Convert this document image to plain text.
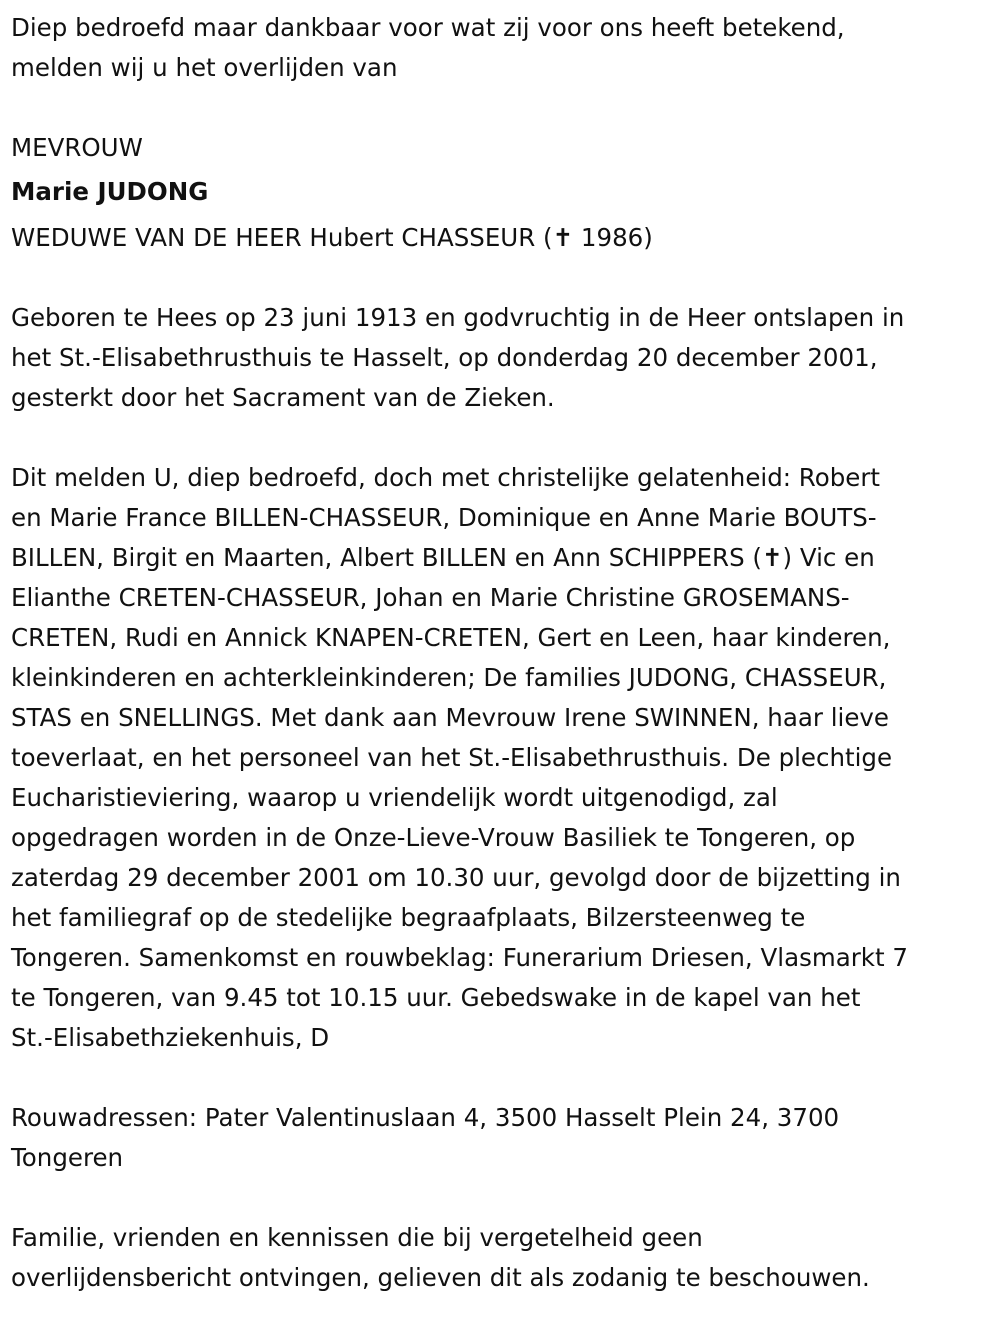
Diep bedroefd maar dankbaar voor wat zij voor ons heeft betekend,
melden wij u het overlijden van
MEVROUW
Marie JUDONG
WEDUWE VAN DE HEER Hubert CHASSEUR (✝ 1986)
Geboren te Hees op 23 juni 1913 en godvruchtig in de Heer ontslapen in
het St.-Elisabethrusthuis te Hasselt, op donderdag 20 december 2001,
gesterkt door het Sacrament van de Zieken.
Dit melden U, diep bedroefd, doch met christelijke gelatenheid: Robert
en Marie France BILLEN-CHASSEUR, Dominique en Anne Marie BOUTS-
BILLEN, Birgit en Maarten, Albert BILLEN en Ann SCHIPPERS (✝) Vic en
Elianthe CRETEN-CHASSEUR, Johan en Marie Christine GROSEMANS-
CRETEN, Rudi en Annick KNAPEN-CRETEN, Gert en Leen, haar kinderen,
kleinkinderen en achterkleinkinderen; De families JUDONG, CHASSEUR,
STAS en SNELLINGS. Met dank aan Mevrouw Irene SWINNEN, haar lieve
toeverlaat, en het personeel van het St.-Elisabethrusthuis. De plechtige
Eucharistieviering, waarop u vriendelijk wordt uitgenodigd, zal
opgedragen worden in de Onze-Lieve-Vrouw Basiliek te Tongeren, op
zaterdag 29 december 2001 om 10.30 uur, gevolgd door de bijzetting in
het familiegraf op de stedelijke begraafplaats, Bilzersteenweg te
Tongeren. Samenkomst en rouwbeklag: Funerarium Driesen, Vlasmarkt 7
te Tongeren, van 9.45 tot 10.15 uur. Gebedswake in de kapel van het
St.-Elisabethziekenhuis, D
Rouwadressen: Pater Valentinuslaan 4, 3500 Hasselt Plein 24, 3700
Tongeren
Familie, vrienden en kennissen die bij vergetelheid geen
overlijdensbericht ontvingen, gelieven dit als zodanig te beschouwen.
